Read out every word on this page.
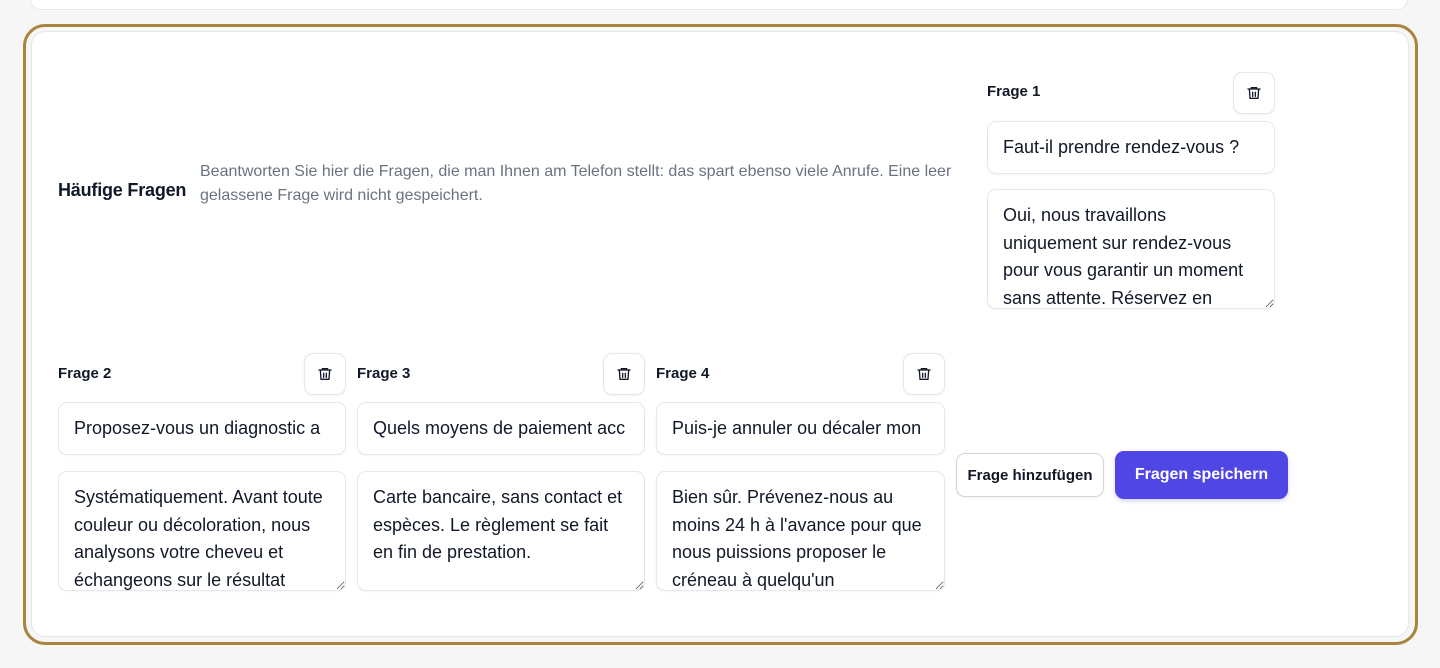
Häufige Fragen

Beantworten Sie hier die Fragen, die man Ihnen am Telefon stellt: das spart ebenso viele Anrufe. Eine leer gelassene Frage wird nicht gespeichert.

Frage 1
Faut-il prendre rendez-vous ?
Oui, nous travaillons uniquement sur rendez-vous pour vous garantir un moment sans attente. Réservez en
Frage 2
Proposez-vous un diagnostic a
Systématiquement. Avant toute couleur ou décoloration, nous analysons votre cheveu et échangeons sur le résultat	Frage 3
Quels moyens de paiement acc
Carte bancaire, sans contact et espèces. Le règlement se fait en fin de prestation.	Frage 4
Puis-je annuler ou décaler mon
Bien sûr. Prévenez-nous au moins 24 h à l'avance pour que nous puissions proposer le créneau à quelqu'un
Frage hinzufügen	Fragen speichern
